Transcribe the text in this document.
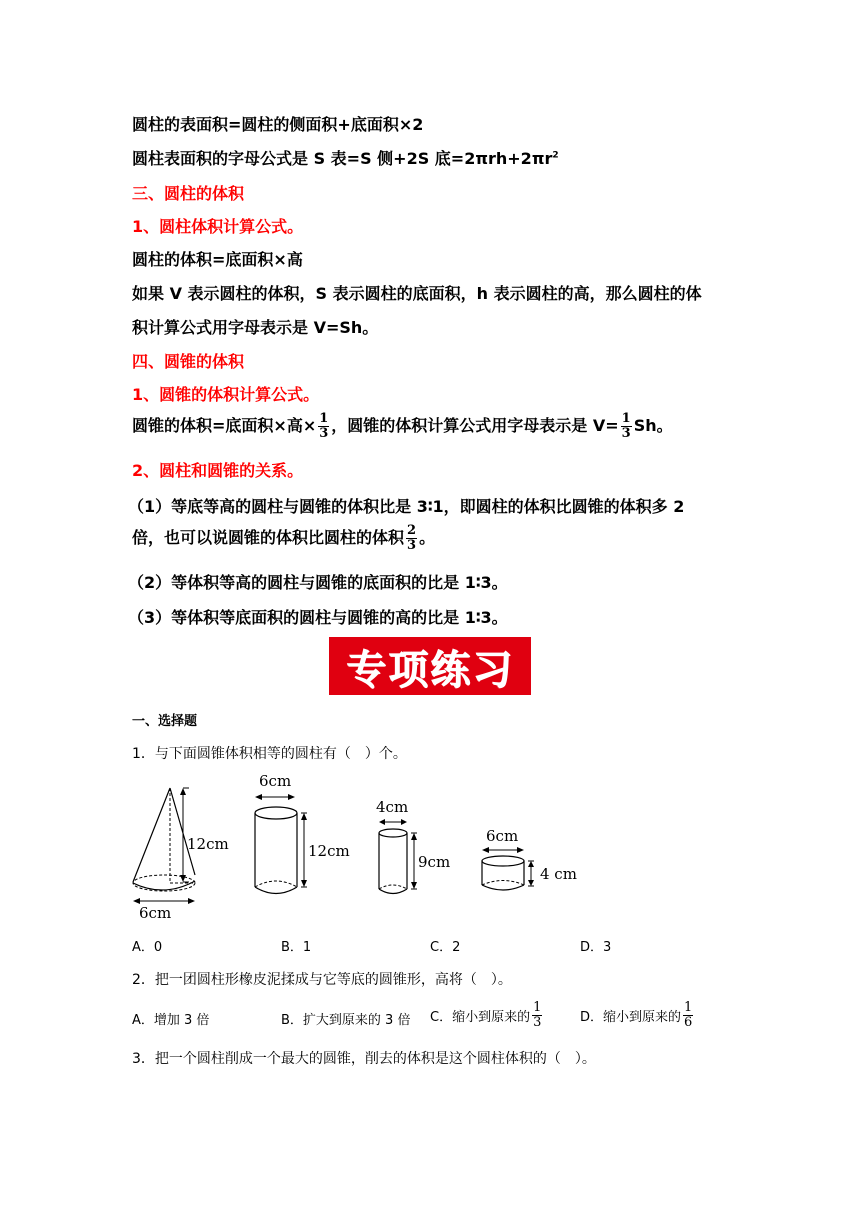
圆柱的表面积=圆柱的侧面积+底面积×2
圆柱表面积的字母公式是 S 表=S 侧+2S 底$=2\pi rh+2\pi r^2$
三、圆柱的体积
1、圆柱体积计算公式。
圆柱的体积=底面积×高
如果 V 表示圆柱的体积，S 表示圆柱的底面积，h 表示圆柱的高，那么圆柱的体
积计算公式用字母表示是 V=Sh。
四、圆锥的体积
1、圆锥的体积计算公式。
圆锥的体积=底面积×高× $\frac{1}{3}$ ，圆锥的体积计算公式用字母表示是 $V= \frac{1}{3}$ Sh。
2、圆柱和圆锥的关系。
（1）等底等高的圆柱与圆锥的体积比是 3∶1，即圆柱的体积比圆锥的体积多 2
倍，也可以说圆锥的体积比圆柱的体积 $\frac{2}{3}$ 。
（2）等体积等高的圆柱与圆锥的底面积的比是 1∶3。
（3）等体积等底面积的圆柱与圆锥的高的比是 1∶3。
专项练习
一、选择题
1．与下面圆锥体积相等的圆柱有（　）个。
12cm
6cm
6cm
12cm
4cm
9cm
6cm
4 cm
A．0	B．1	C．2	D．3
2．把一团圆柱形橡皮泥揉成与它等底的圆锥形，高将（　）。
A．增加 3 倍	B．扩大到原来的 3 倍 C．缩小到原来的 $\frac{1}{3}$	D．缩小到原来的 $\frac{1}{6}$
3．把一个圆柱削成一个最大的圆锥，削去的体积是这个圆柱体积的（　）。
